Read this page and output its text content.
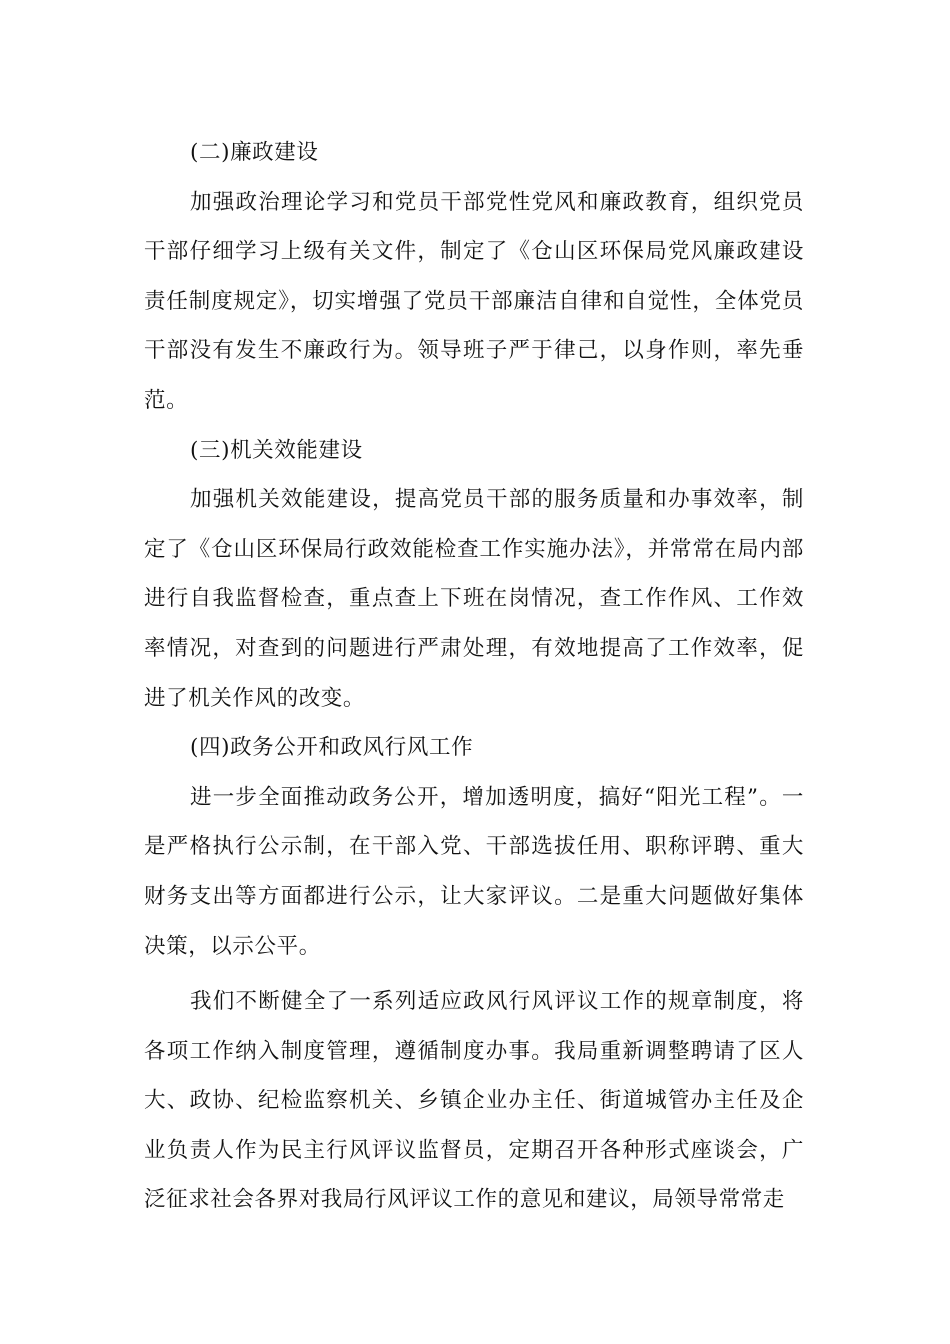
(二)廉政建设

加强政治理论学习和党员干部党性党风和廉政教育，组织党员干部仔细学习上级有关文件，制定了《仓山区环保局党风廉政建设责任制度规定》，切实增强了党员干部廉洁自律和自觉性，全体党员干部没有发生不廉政行为。领导班子严于律己，以身作则，率先垂范。

(三)机关效能建设

加强机关效能建设，提高党员干部的服务质量和办事效率，制定了《仓山区环保局行政效能检查工作实施办法》，并常常在局内部进行自我监督检查，重点查上下班在岗情况，查工作作风、工作效率情况，对查到的问题进行严肃处理，有效地提高了工作效率，促进了机关作风的改变。

(四)政务公开和政风行风工作

进一步全面推动政务公开，增加透明度，搞好“阳光工程”。一是严格执行公示制，在干部入党、干部选拔任用、职称评聘、重大财务支出等方面都进行公示，让大家评议。二是重大问题做好集体决策，以示公平。

我们不断健全了一系列适应政风行风评议工作的规章制度，将各项工作纳入制度管理，遵循制度办事。我局重新调整聘请了区人大、政协、纪检监察机关、乡镇企业办主任、街道城管办主任及企业负责人作为民主行风评议监督员，定期召开各种形式座谈会，广泛征求社会各界对我局行风评议工作的意见和建议，局领导常常走
